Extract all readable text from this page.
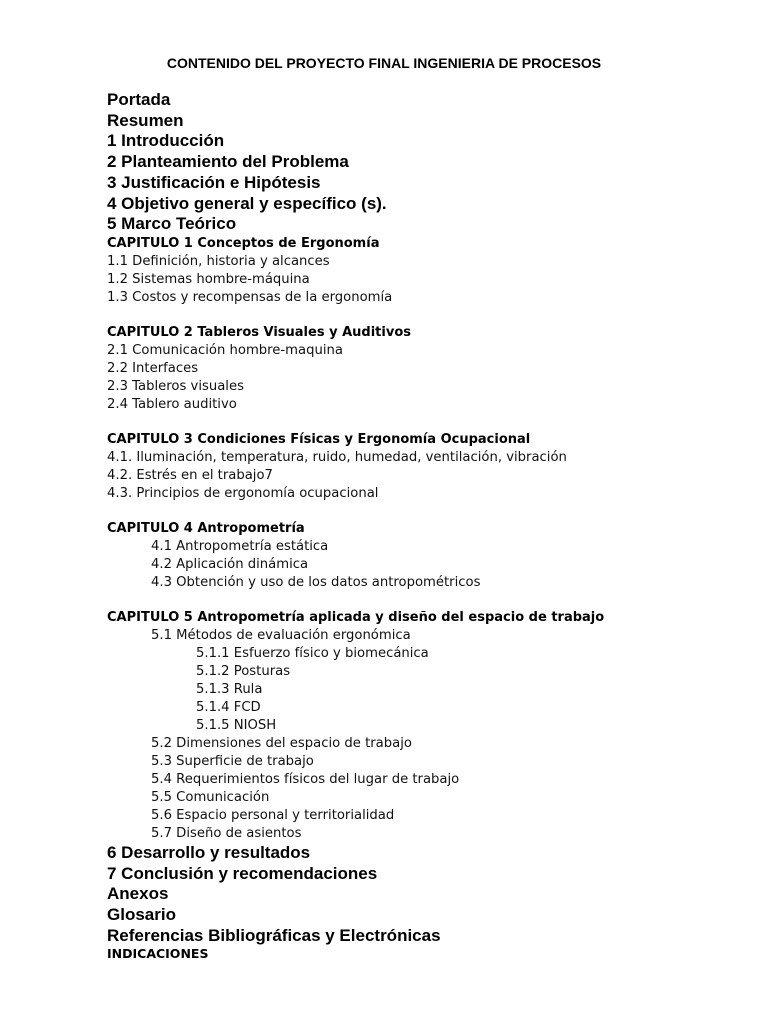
CONTENIDO DEL PROYECTO FINAL INGENIERIA DE PROCESOS
Portada
Resumen
1 Introducción
2 Planteamiento del Problema
3 Justificación e Hipótesis
4 Objetivo general y específico (s).
5 Marco Teórico
CAPITULO 1 Conceptos de Ergonomía
1.1 Definición, historia y alcances
1.2 Sistemas hombre-máquina
1.3 Costos y recompensas de la ergonomía
CAPITULO 2 Tableros Visuales y Auditivos
2.1 Comunicación hombre-maquina
2.2 Interfaces
2.3 Tableros visuales
2.4 Tablero auditivo
CAPITULO 3 Condiciones Físicas y Ergonomía Ocupacional
4.1. Iluminación, temperatura, ruido, humedad, ventilación, vibración
4.2. Estrés en el trabajo7
4.3. Principios de ergonomía ocupacional
CAPITULO 4 Antropometría
4.1 Antropometría estática
4.2 Aplicación dinámica
4.3 Obtención y uso de los datos antropométricos
CAPITULO 5 Antropometría aplicada y diseño del espacio de trabajo
5.1 Métodos de evaluación ergonómica
5.1.1 Esfuerzo físico y biomecánica
5.1.2 Posturas
5.1.3 Rula
5.1.4 FCD
5.1.5 NIOSH
5.2 Dimensiones del espacio de trabajo
5.3 Superficie de trabajo
5.4 Requerimientos físicos del lugar de trabajo
5.5 Comunicación
5.6 Espacio personal y territorialidad
5.7 Diseño de asientos
6 Desarrollo y resultados
7 Conclusión y recomendaciones
Anexos
Glosario
Referencias Bibliográficas y Electrónicas
INDICACIONES
